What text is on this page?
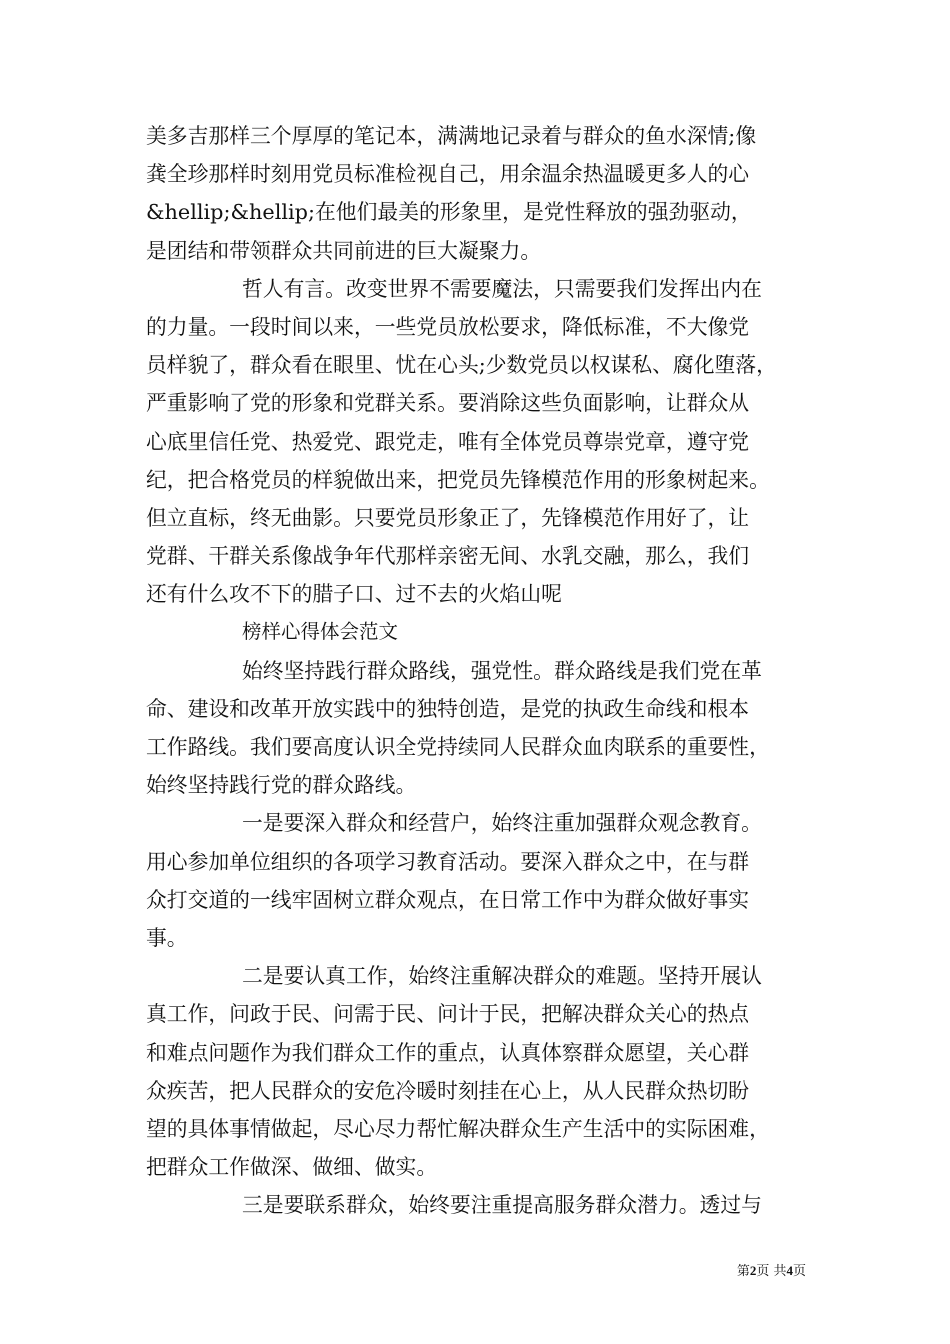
美多吉那样三个厚厚的笔记本，满满地记录着与群众的鱼水深情;像
龚全珍那样时刻用党员标准检视自己，用余温余热温暖更多人的心
&hellip;&hellip;在他们最美的形象里，是党性释放的强劲驱动，
是团结和带领群众共同前进的巨大凝聚力。
哲人有言。改变世界不需要魔法，只需要我们发挥出内在
的力量。一段时间以来，一些党员放松要求，降低标准，不大像党
员样貌了，群众看在眼里、忧在心头;少数党员以权谋私、腐化堕落，
严重影响了党的形象和党群关系。要消除这些负面影响，让群众从
心底里信任党、热爱党、跟党走，唯有全体党员尊崇党章，遵守党
纪，把合格党员的样貌做出来，把党员先锋模范作用的形象树起来。
但立直标，终无曲影。只要党员形象正了，先锋模范作用好了，让
党群、干群关系像战争年代那样亲密无间、水乳交融，那么，我们
还有什么攻不下的腊子口、过不去的火焰山呢
榜样心得体会范文
始终坚持践行群众路线，强党性。群众路线是我们党在革
命、建设和改革开放实践中的独特创造，是党的执政生命线和根本
工作路线。我们要高度认识全党持续同人民群众血肉联系的重要性，
始终坚持践行党的群众路线。
一是要深入群众和经营户，始终注重加强群众观念教育。
用心参加单位组织的各项学习教育活动。要深入群众之中，在与群
众打交道的一线牢固树立群众观点，在日常工作中为群众做好事实
事。
二是要认真工作，始终注重解决群众的难题。坚持开展认
真工作，问政于民、问需于民、问计于民，把解决群众关心的热点
和难点问题作为我们群众工作的重点，认真体察群众愿望，关心群
众疾苦，把人民群众的安危冷暖时刻挂在心上，从人民群众热切盼
望的具体事情做起，尽心尽力帮忙解决群众生产生活中的实际困难，
把群众工作做深、做细、做实。
三是要联系群众，始终要注重提高服务群众潜力。透过与
第2页 共4页
